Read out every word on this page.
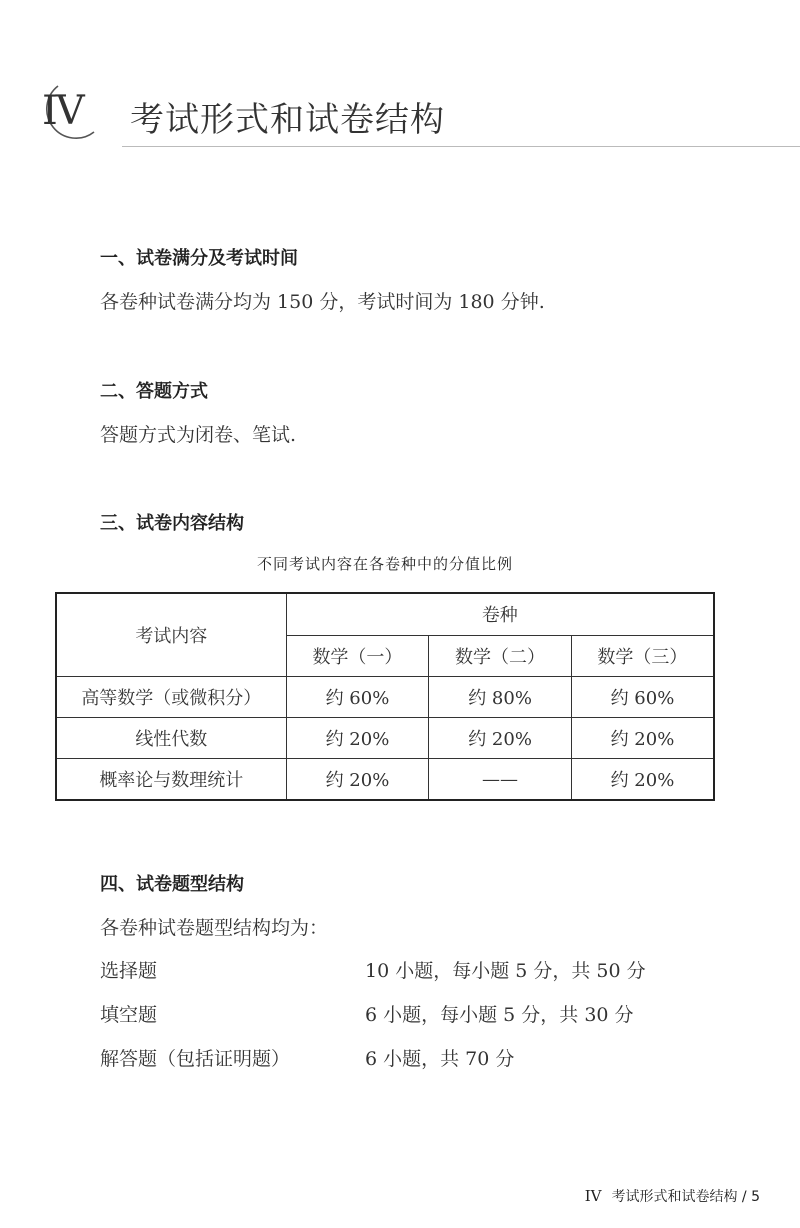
IV 考试形式和试卷结构
一、试卷满分及考试时间
各卷种试卷满分均为 150 分，考试时间为 180 分钟.
二、答题方式
答题方式为闭卷、笔试.
三、试卷内容结构
不同考试内容在各卷种中的分值比例
考试内容	卷种		
	数学（一）	数学（二）	数学（三）
高等数学（或微积分）	约 60%	约 80%	约 60%
线性代数	约 20%	约 20%	约 20%
概率论与数理统计	约 20%	——	约 20%
四、试卷题型结构
各卷种试卷题型结构均为：
选择题	10 小题，每小题 5 分，共 50 分
填空题	6 小题，每小题 5 分，共 30 分
解答题（包括证明题）	6 小题，共 70 分
IV 考试形式和试卷结构 / 5
